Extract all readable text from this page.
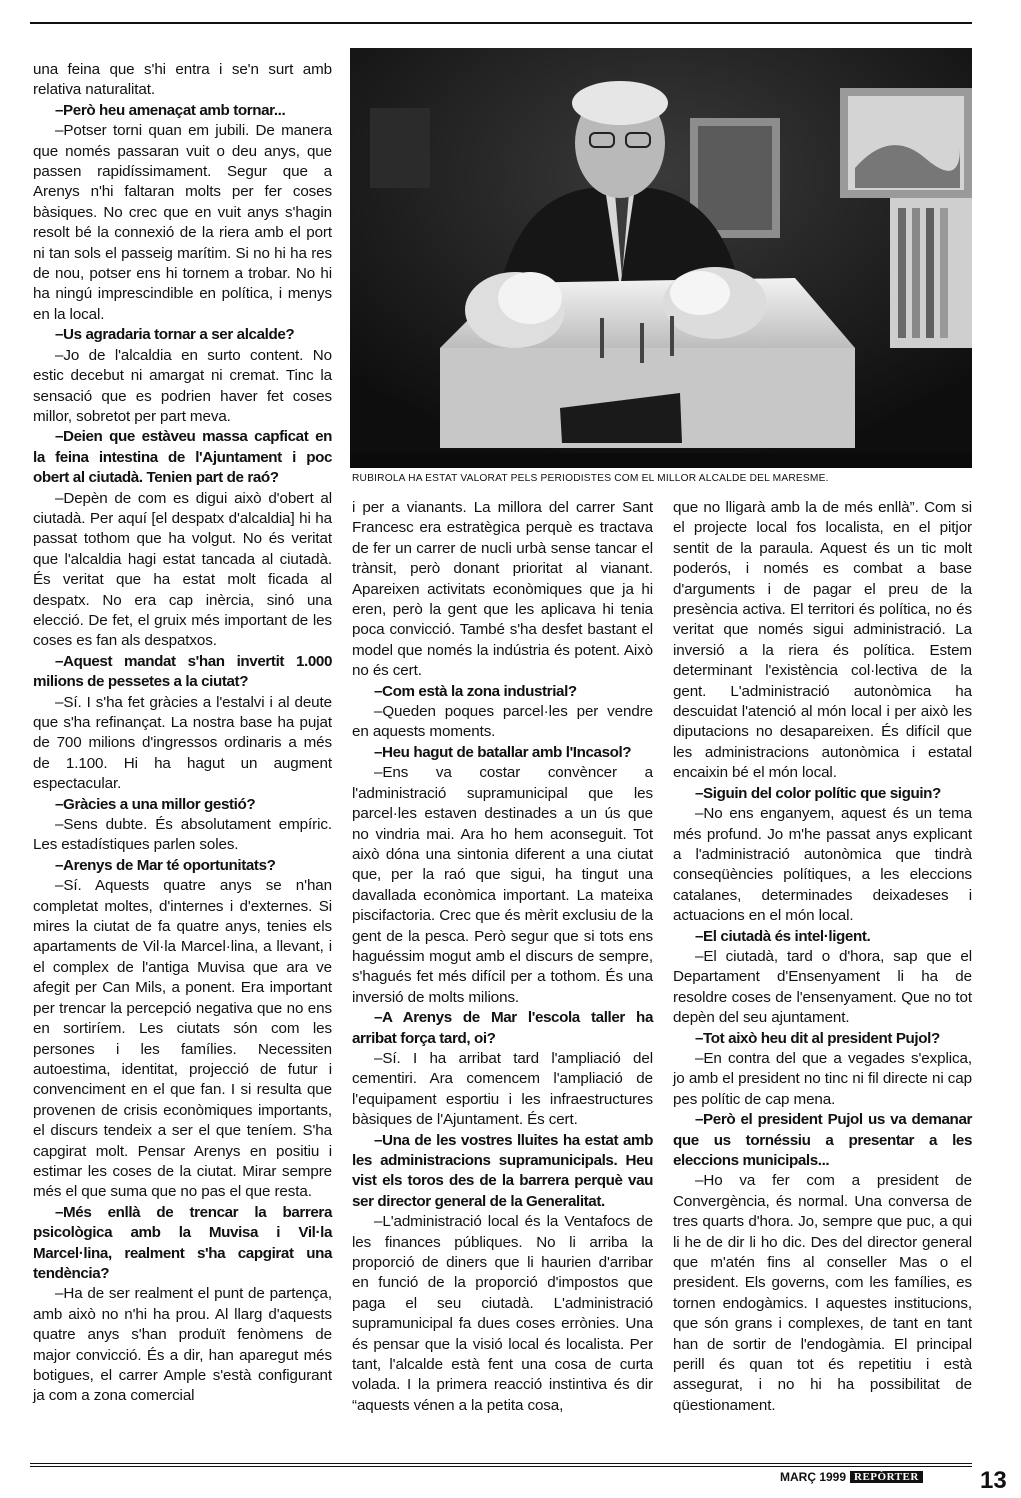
una feina que s'hi entra i se'n surt amb relativa naturalitat.

–Però heu amenaçat amb tornar...

–Potser torni quan em jubili. De manera que només passaran vuit o deu anys, que passen rapidíssimament. Segur que a Arenys n'hi faltaran molts per fer coses bàsiques. No crec que en vuit anys s'hagin resolt bé la connexió de la riera amb el port ni tan sols el passeig marítim. Si no hi ha res de nou, potser ens hi tornem a trobar. No hi ha ningú imprescindible en política, i menys en la local.

–Us agradaria tornar a ser alcalde?

–Jo de l'alcaldia en surto content. No estic decebut ni amargat ni cremat. Tinc la sensació que es podrien haver fet coses millor, sobretot per part meva.

–Deien que estàveu massa capficat en la feina intestina de l'Ajuntament i poc obert al ciutadà. Tenien part de raó?

–Depèn de com es digui això d'obert al ciutadà. Per aquí [el despatx d'alcaldia] hi ha passat tothom que ha volgut. No és veritat que l'alcaldia hagi estat tancada al ciutadà. És veritat que ha estat molt ficada al despatx. No era cap inèrcia, sinó una elecció. De fet, el gruix més important de les coses es fan als despatxos.

–Aquest mandat s'han invertit 1.000 milions de pessetes a la ciutat?

–Sí. I s'ha fet gràcies a l'estalvi i al deute que s'ha refinançat. La nostra base ha pujat de 700 milions d'ingressos ordinaris a més de 1.100. Hi ha hagut un augment espectacular.

–Gràcies a una millor gestió?

–Sens dubte. És absolutament empíric. Les estadístiques parlen soles.

–Arenys de Mar té oportunitats?

–Sí. Aquests quatre anys se n'han completat moltes, d'internes i d'externes. Si mires la ciutat de fa quatre anys, tenies els apartaments de Vil·la Marcel·lina, a llevant, i el complex de l'antiga Muvisa que ara ve afegit per Can Mils, a ponent. Era important per trencar la percepció negativa que no ens en sortiríem. Les ciutats són com les persones i les famílies. Necessiten autoestima, identitat, projecció de futur i convenciment en el que fan. I si resulta que provenen de crisis econòmiques importants, el discurs tendeix a ser el que teníem. S'ha capgirat molt. Pensar Arenys en positiu i estimar les coses de la ciutat. Mirar sempre més el que suma que no pas el que resta.

–Més enllà de trencar la barrera psicològica amb la Muvisa i Vil·la Marcel·lina, realment s'ha capgirat una tendència?

–Ha de ser realment el punt de partença, amb això no n'hi ha prou. Al llarg d'aquests quatre anys s'han produït fenòmens de major convicció. És a dir, han aparegut més botigues, el carrer Ample s'està configurant ja com a zona comercial

RUBIROLA HA ESTAT VALORAT PELS PERIODISTES COM EL MILLOR ALCALDE DEL MARESME.

i per a vianants. La millora del carrer Sant Francesc era estratègica perquè es tractava de fer un carrer de nucli urbà sense tancar el trànsit, però donant prioritat al vianant. Apareixen activitats econòmiques que ja hi eren, però la gent que les aplicava hi tenia poca convicció. També s'ha desfet bastant el model que només la indústria és potent. Això no és cert.

–Com està la zona industrial?

–Queden poques parcel·les per vendre en aquests moments.

–Heu hagut de batallar amb l'Incasol?

–Ens va costar convèncer a l'administració supramunicipal que les parcel·les estaven destinades a un ús que no vindria mai. Ara ho hem aconseguit. Tot això dóna una sintonia diferent a una ciutat que, per la raó que sigui, ha tingut una davallada econòmica important. La mateixa piscifactoria. Crec que és mèrit exclusiu de la gent de la pesca. Però segur que si tots ens haguéssim mogut amb el discurs de sempre, s'hagués fet més difícil per a tothom. És una inversió de molts milions.

–A Arenys de Mar l'escola taller ha arribat força tard, oi?

–Sí. I ha arribat tard l'ampliació del cementiri. Ara comencem l'ampliació de l'equipament esportiu i les infraestructures bàsiques de l'Ajuntament. És cert.

–Una de les vostres lluites ha estat amb les administracions supramunicipals. Heu vist els toros des de la barrera perquè vau ser director general de la Generalitat.

–L'administració local és la Ventafocs de les finances públiques. No li arriba la proporció de diners que li haurien d'arribar en funció de la proporció d'impostos que paga el seu ciutadà. L'administració supramunicipal fa dues coses errònies. Una és pensar que la visió local és localista. Per tant, l'alcalde està fent una cosa de curta volada. I la primera reacció instintiva és dir “aquests vénen a la petita cosa,

que no lligarà amb la de més enllà”. Com si el projecte local fos localista, en el pitjor sentit de la paraula. Aquest és un tic molt poderós, i només es combat a base d'arguments i de pagar el preu de la presència activa. El territori és política, no és veritat que només sigui administració. La inversió a la riera és política. Estem determinant l'existència col·lectiva de la gent. L'administració autonòmica ha descuidat l'atenció al món local i per això les diputacions no desapareixen. És difícil que les administracions autonòmica i estatal encaixin bé el món local.

–Siguin del color polític que siguin?

–No ens enganyem, aquest és un tema més profund. Jo m'he passat anys explicant a l'administració autonòmica que tindrà conseqüències polítiques, a les eleccions catalanes, determinades deixadeses i actuacions en el món local.

–El ciutadà és intel·ligent.

–El ciutadà, tard o d'hora, sap que el Departament d'Ensenyament li ha de resoldre coses de l'ensenyament. Que no tot depèn del seu ajuntament.

–Tot això heu dit al president Pujol?

–En contra del que a vegades s'explica, jo amb el president no tinc ni fil directe ni cap pes polític de cap mena.

–Però el president Pujol us va demanar que us tornéssiu a presentar a les eleccions municipals...

–Ho va fer com a president de Convergència, és normal. Una conversa de tres quarts d'hora. Jo, sempre que puc, a qui li he de dir li ho dic. Des del director general que m'atén fins al conseller Mas o el president. Els governs, com les famílies, es tornen endogàmics. I aquestes institucions, que són grans i complexes, de tant en tant han de sortir de l'endogàmia. El principal perill és quan tot és repetitiu i està assegurat, i no hi ha possibilitat de qüestionament.

MARÇ 1999 REPÒRTER	13
